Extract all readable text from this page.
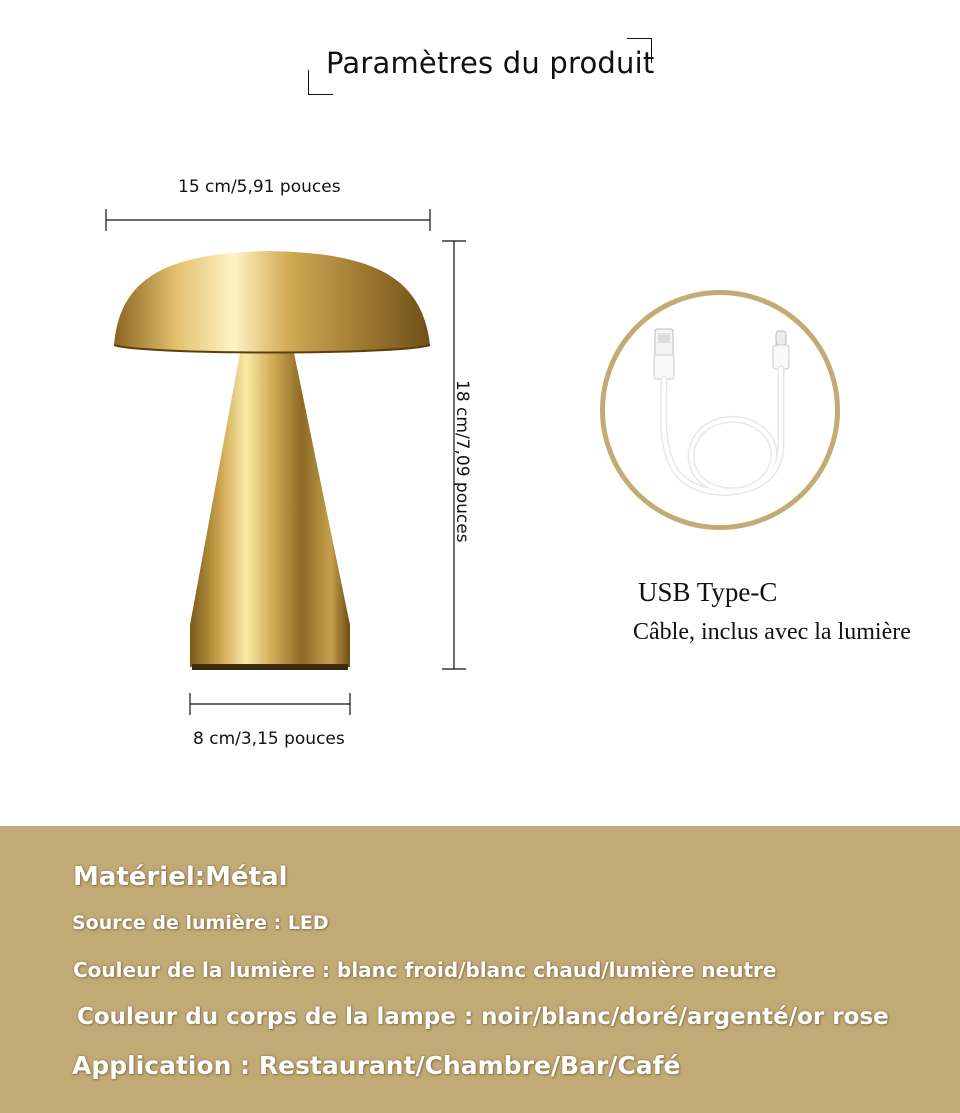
Paramètres du produit
15 cm/5,91 pouces
18 cm/7,09 pouces
8 cm/3,15 pouces
USB Type-C
Câble, inclus avec la lumière
Matériel:Métal
Source de lumière : LED
Couleur de la lumière : blanc froid/blanc chaud/lumière neutre
Couleur du corps de la lampe : noir/blanc/doré/argenté/or rose
Application : Restaurant/Chambre/Bar/Café
